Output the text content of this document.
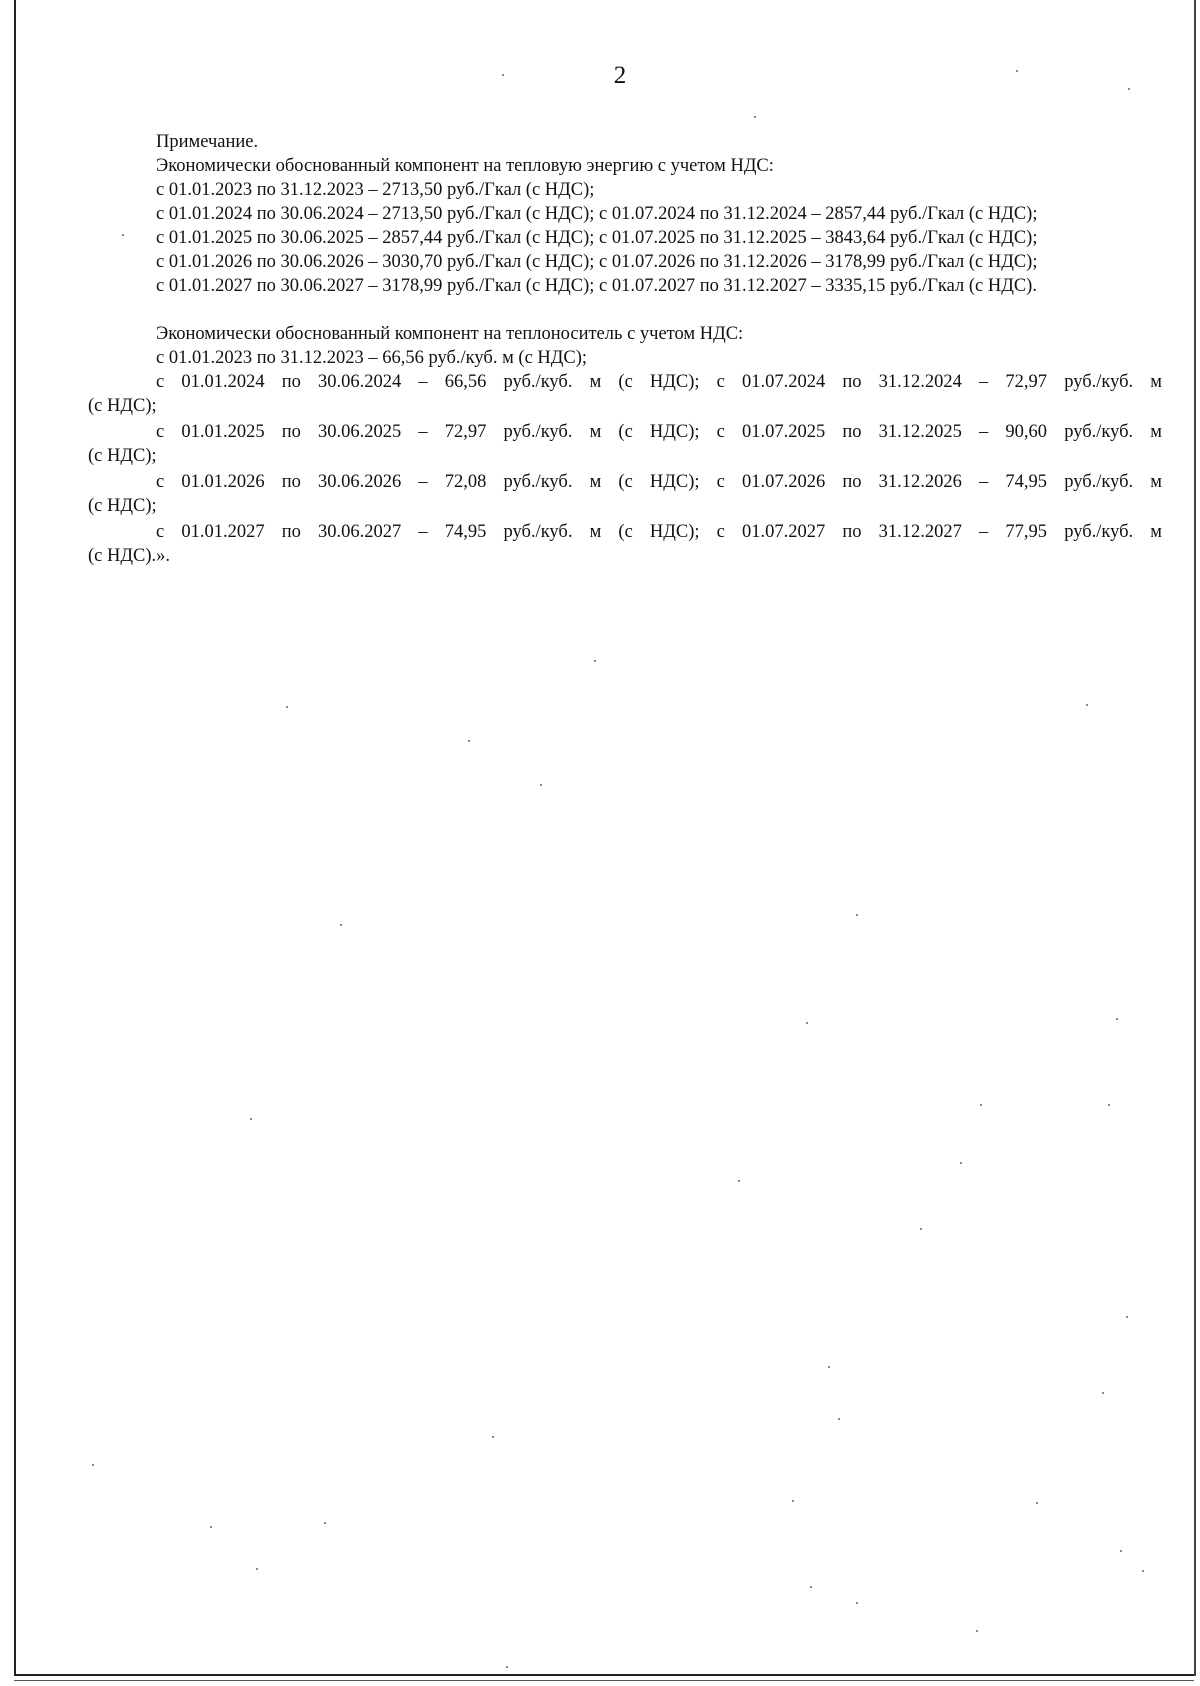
2
Примечание.
Экономически обоснованный компонент на тепловую энергию с учетом НДС:
с 01.01.2023 по 31.12.2023 – 2713,50 руб./Гкал (с НДС);
с 01.01.2024 по 30.06.2024 – 2713,50 руб./Гкал (с НДС); с 01.07.2024 по 31.12.2024 – 2857,44 руб./Гкал (с НДС);
с 01.01.2025 по 30.06.2025 – 2857,44 руб./Гкал (с НДС); с 01.07.2025 по 31.12.2025 – 3843,64 руб./Гкал (с НДС);
с 01.01.2026 по 30.06.2026 – 3030,70 руб./Гкал (с НДС); с 01.07.2026 по 31.12.2026 – 3178,99 руб./Гкал (с НДС);
с 01.01.2027 по 30.06.2027 – 3178,99 руб./Гкал (с НДС); с 01.07.2027 по 31.12.2027 – 3335,15 руб./Гкал (с НДС).
Экономически обоснованный компонент на теплоноситель с учетом НДС:
с 01.01.2023 по 31.12.2023 – 66,56 руб./куб. м (с НДС);
с 01.01.2024 по 30.06.2024 – 66,56 руб./куб. м (с НДС); с 01.07.2024 по 31.12.2024 – 72,97 руб./куб. м
(с НДС);
с 01.01.2025 по 30.06.2025 – 72,97 руб./куб. м (с НДС); с 01.07.2025 по 31.12.2025 – 90,60 руб./куб. м
(с НДС);
с 01.01.2026 по 30.06.2026 – 72,08 руб./куб. м (с НДС); с 01.07.2026 по 31.12.2026 – 74,95 руб./куб. м
(с НДС);
с 01.01.2027 по 30.06.2027 – 74,95 руб./куб. м (с НДС); с 01.07.2027 по 31.12.2027 – 77,95 руб./куб. м
(с НДС).».
